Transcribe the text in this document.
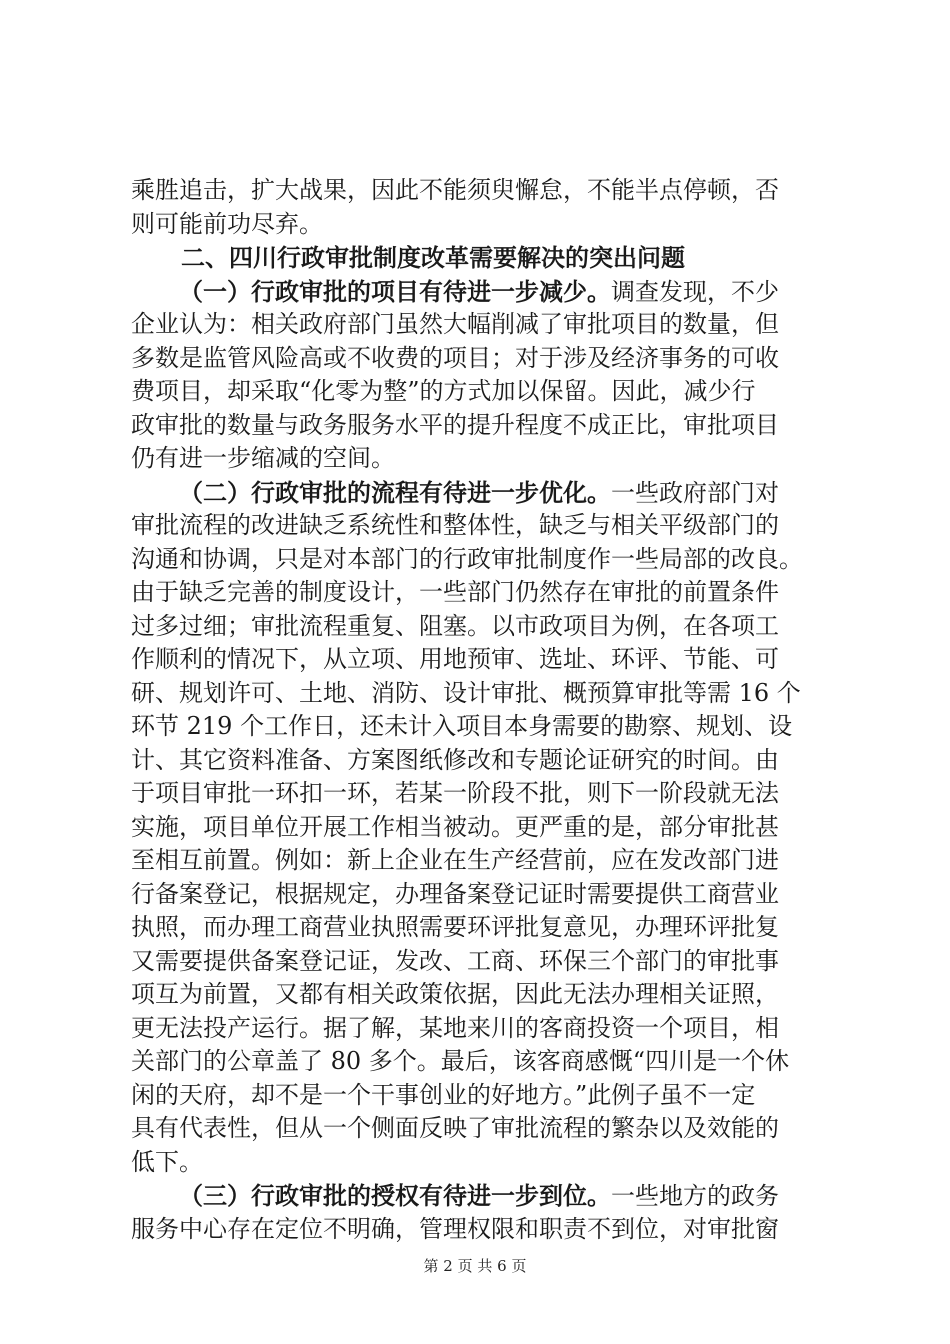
乘胜追击，扩大战果，因此不能须臾懈怠，不能半点停顿，否
则可能前功尽弃。
二、四川行政审批制度改革需要解决的突出问题
（一）行政审批的项目有待进一步减少。调查发现，不少
企业认为：相关政府部门虽然大幅削减了审批项目的数量，但
多数是监管风险高或不收费的项目；对于涉及经济事务的可收
费项目，却采取“化零为整”的方式加以保留。因此，减少行
政审批的数量与政务服务水平的提升程度不成正比，审批项目
仍有进一步缩减的空间。
（二）行政审批的流程有待进一步优化。一些政府部门对
审批流程的改进缺乏系统性和整体性，缺乏与相关平级部门的
沟通和协调，只是对本部门的行政审批制度作一些局部的改良。
由于缺乏完善的制度设计，一些部门仍然存在审批的前置条件
过多过细；审批流程重复、阻塞。以市政项目为例，在各项工
作顺利的情况下，从立项、用地预审、选址、环评、节能、可
研、规划许可、土地、消防、设计审批、概预算审批等需 16 个
环节 219 个工作日，还未计入项目本身需要的勘察、规划、设
计、其它资料准备、方案图纸修改和专题论证研究的时间。由
于项目审批一环扣一环，若某一阶段不批，则下一阶段就无法
实施，项目单位开展工作相当被动。更严重的是，部分审批甚
至相互前置。例如：新上企业在生产经营前，应在发改部门进
行备案登记，根据规定，办理备案登记证时需要提供工商营业
执照，而办理工商营业执照需要环评批复意见，办理环评批复
又需要提供备案登记证，发改、工商、环保三个部门的审批事
项互为前置，又都有相关政策依据，因此无法办理相关证照，
更无法投产运行。据了解，某地来川的客商投资一个项目，相
关部门的公章盖了 80 多个。最后，该客商感慨“四川是一个休
闲的天府，却不是一个干事创业的好地方。”此例子虽不一定
具有代表性，但从一个侧面反映了审批流程的繁杂以及效能的
低下。
（三）行政审批的授权有待进一步到位。一些地方的政务
服务中心存在定位不明确，管理权限和职责不到位，对审批窗
第 2 页 共 6 页
